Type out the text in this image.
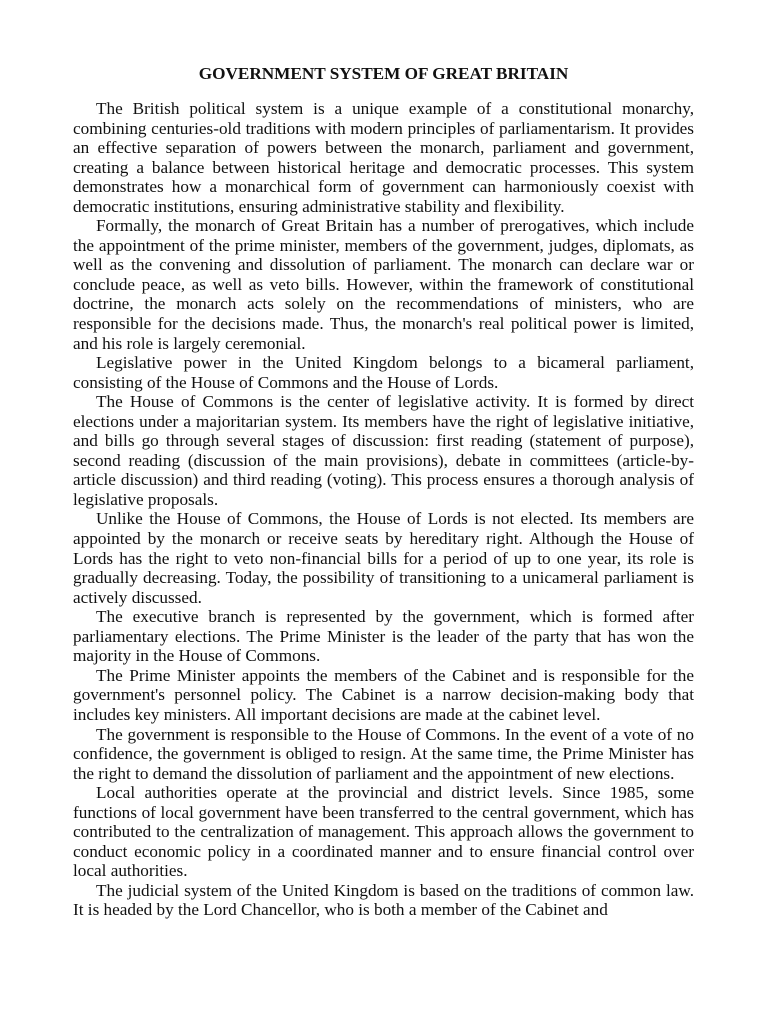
GOVERNMENT SYSTEM OF GREAT BRITAIN

The British political system is a unique example of a constitutional monarchy, combining centuries-old traditions with modern principles of parliamentarism. It provides an effective separation of powers between the monarch, parliament and government, creating a balance between historical heritage and democratic processes. This system demonstrates how a monarchical form of government can harmoniously coexist with democratic institutions, ensuring administrative stability and flexibility.

Formally, the monarch of Great Britain has a number of prerogatives, which include the appointment of the prime minister, members of the government, judges, diplomats, as well as the convening and dissolution of parliament. The monarch can declare war or conclude peace, as well as veto bills. However, within the framework of constitutional doctrine, the monarch acts solely on the recommendations of ministers, who are responsible for the decisions made. Thus, the monarch's real political power is limited, and his role is largely ceremonial.

Legislative power in the United Kingdom belongs to a bicameral parliament, consisting of the House of Commons and the House of Lords.

The House of Commons is the center of legislative activity. It is formed by direct elections under a majoritarian system. Its members have the right of legislative initiative, and bills go through several stages of discussion: first reading (statement of purpose), second reading (discussion of the main provisions), debate in committees (article-by-article discussion) and third reading (voting). This process ensures a thorough analysis of legislative proposals.

Unlike the House of Commons, the House of Lords is not elected. Its members are appointed by the monarch or receive seats by hereditary right. Although the House of Lords has the right to veto non-financial bills for a period of up to one year, its role is gradually decreasing. Today, the possibility of transitioning to a unicameral parliament is actively discussed.

The executive branch is represented by the government, which is formed after parliamentary elections. The Prime Minister is the leader of the party that has won the majority in the House of Commons.

The Prime Minister appoints the members of the Cabinet and is responsible for the government's personnel policy. The Cabinet is a narrow decision-making body that includes key ministers. All important decisions are made at the cabinet level.

The government is responsible to the House of Commons. In the event of a vote of no confidence, the government is obliged to resign. At the same time, the Prime Minister has the right to demand the dissolution of parliament and the appointment of new elections.

Local authorities operate at the provincial and district levels. Since 1985, some functions of local government have been transferred to the central government, which has contributed to the centralization of management. This approach allows the government to conduct economic policy in a coordinated manner and to ensure financial control over local authorities.

The judicial system of the United Kingdom is based on the traditions of common law. It is headed by the Lord Chancellor, who is both a member of the Cabinet and
